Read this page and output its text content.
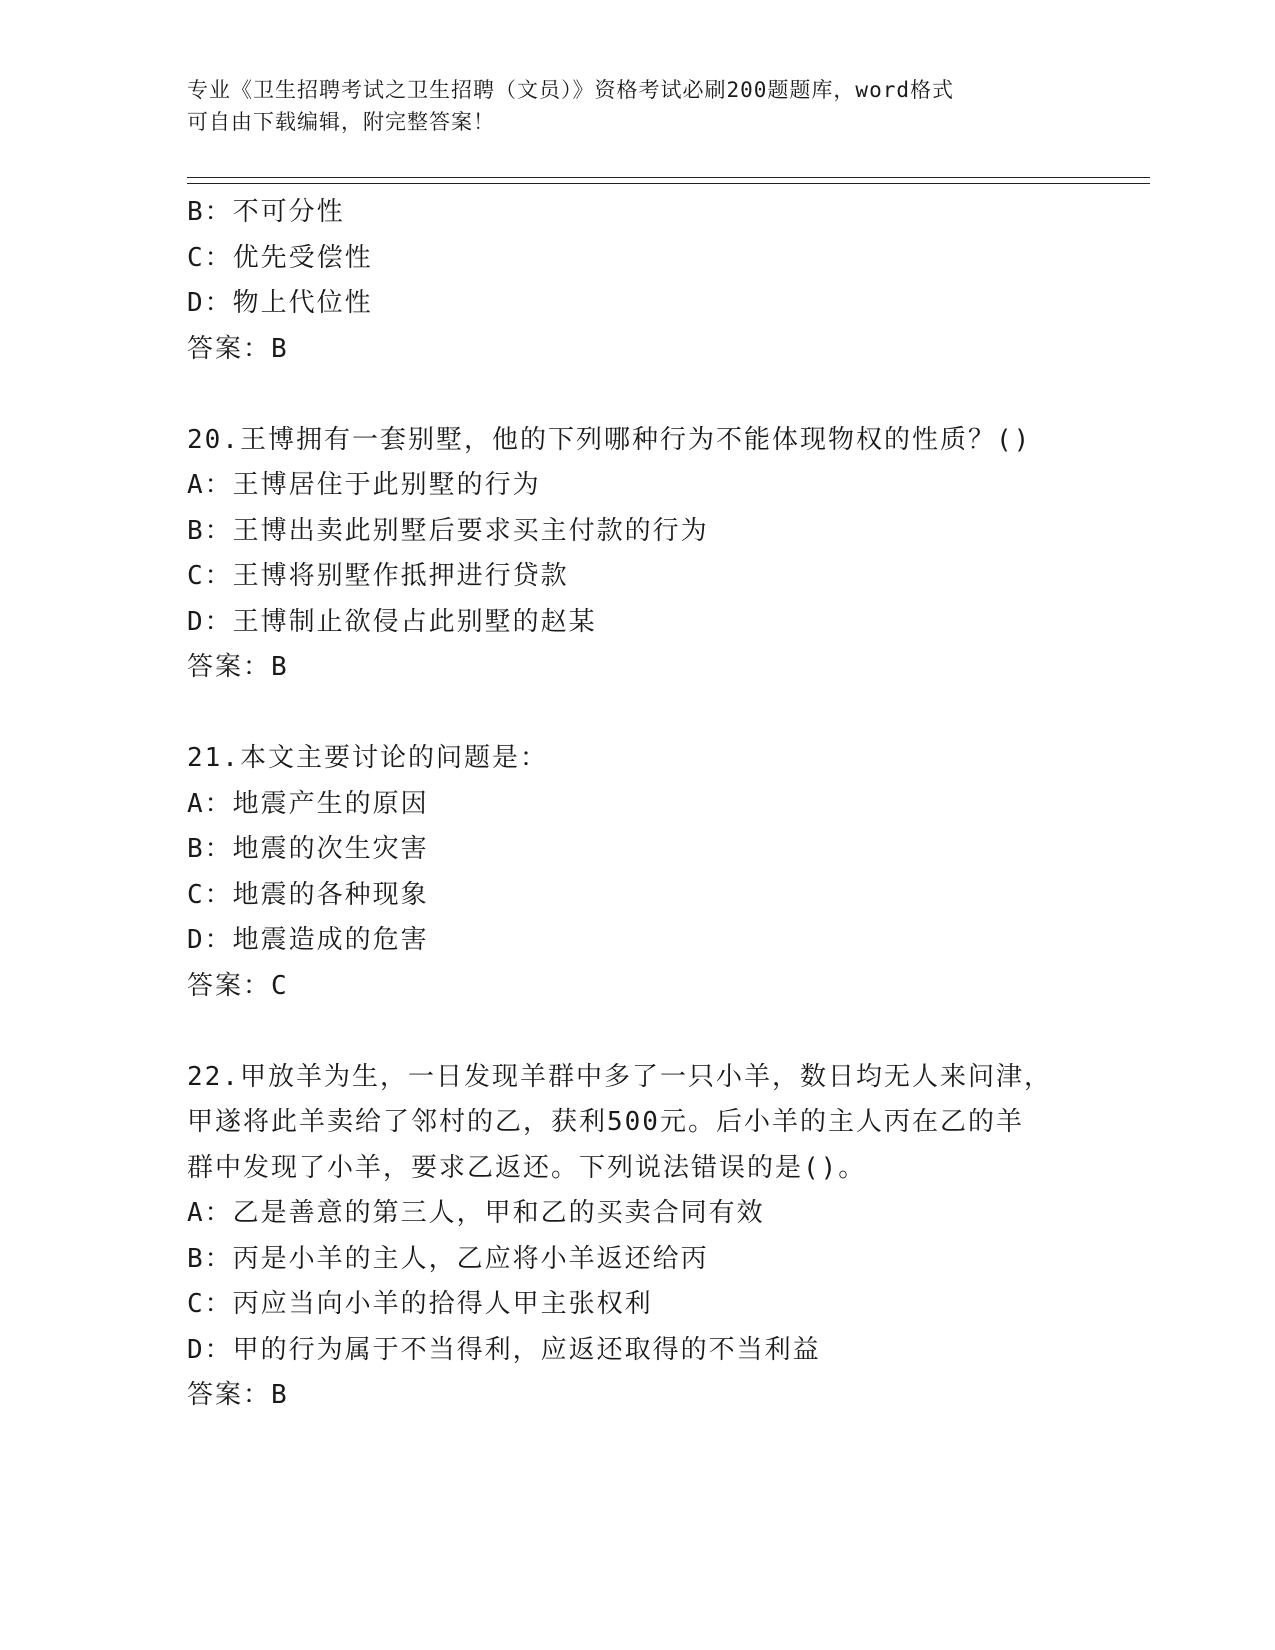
专业《卫生招聘考试之卫生招聘（文员）》资格考试必刷200题题库，word格式
可自由下载编辑，附完整答案！
B：不可分性
C：优先受偿性
D：物上代位性
答案：B
20.王博拥有一套别墅，他的下列哪种行为不能体现物权的性质？()
A：王博居住于此别墅的行为
B：王博出卖此别墅后要求买主付款的行为
C：王博将别墅作抵押进行贷款
D：王博制止欲侵占此别墅的赵某
答案：B
21.本文主要讨论的问题是：
A：地震产生的原因
B：地震的次生灾害
C：地震的各种现象
D：地震造成的危害
答案：C
22.甲放羊为生，一日发现羊群中多了一只小羊，数日均无人来问津，
甲遂将此羊卖给了邻村的乙，获利500元。后小羊的主人丙在乙的羊
群中发现了小羊，要求乙返还。下列说法错误的是()。
A：乙是善意的第三人，甲和乙的买卖合同有效
B：丙是小羊的主人，乙应将小羊返还给丙
C：丙应当向小羊的拾得人甲主张权利
D：甲的行为属于不当得利，应返还取得的不当利益
答案：B
